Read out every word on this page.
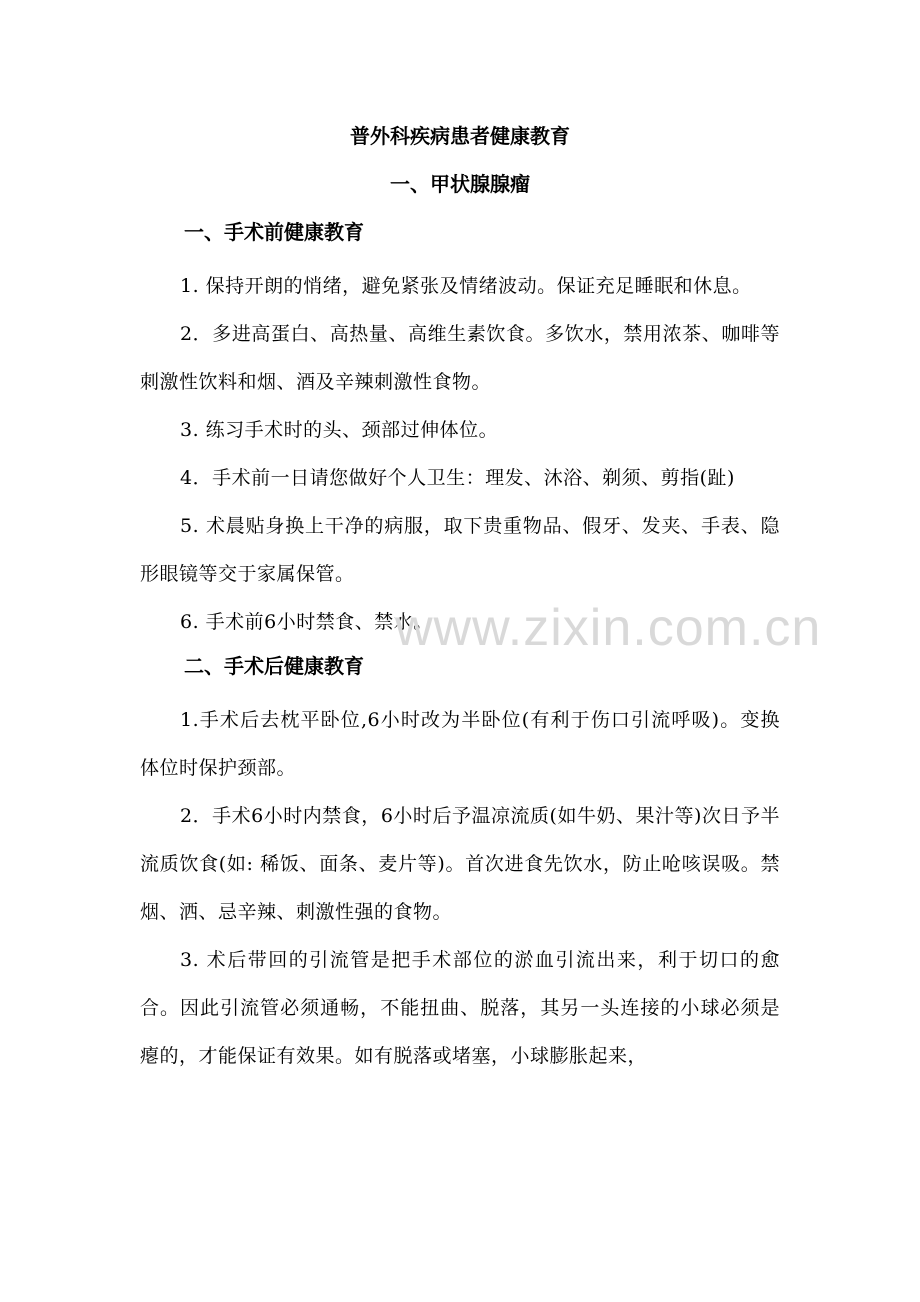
普外科疾病患者健康教育
一、甲状腺腺瘤
一、手术前健康教育

1. 保持开朗的悄绪，避免紧张及情绪波动。保证充足睡眠和休息。

2．多进高蛋白、高热量、高维生素饮食。多饮水，禁用浓茶、咖啡等刺激性饮料和烟、酒及辛辣刺激性食物。

3. 练习手术时的头、颈部过伸体位。

4．手术前一日请您做好个人卫生：理发、沐浴、剃须、剪指(趾)

5. 术晨贴身换上干净的病服，取下贵重物品、假牙、发夹、手表、隐形眼镜等交于家属保管。

6. 手术前6小时禁食、禁水。

二、手术后健康教育

1.手术后去枕平卧位,6小时改为半卧位(有利于伤口引流呼吸)。变换体位时保护颈部。

2．手术6小时内禁食，6小时后予温凉流质(如牛奶、果汁等)次日予半流质饮食(如: 稀饭、面条、麦片等)。首次进食先饮水，防止呛咳误吸。禁烟、洒、忌辛辣、刺激性强的食物。

3. 术后带回的引流管是把手术部位的淤血引流出来，利于切口的愈合。因此引流管必须通畅，不能扭曲、脱落，其另一头连接的小球必须是瘪的，才能保证有效果。如有脱落或堵塞，小球膨胀起来，

www.zixin.com.cn
